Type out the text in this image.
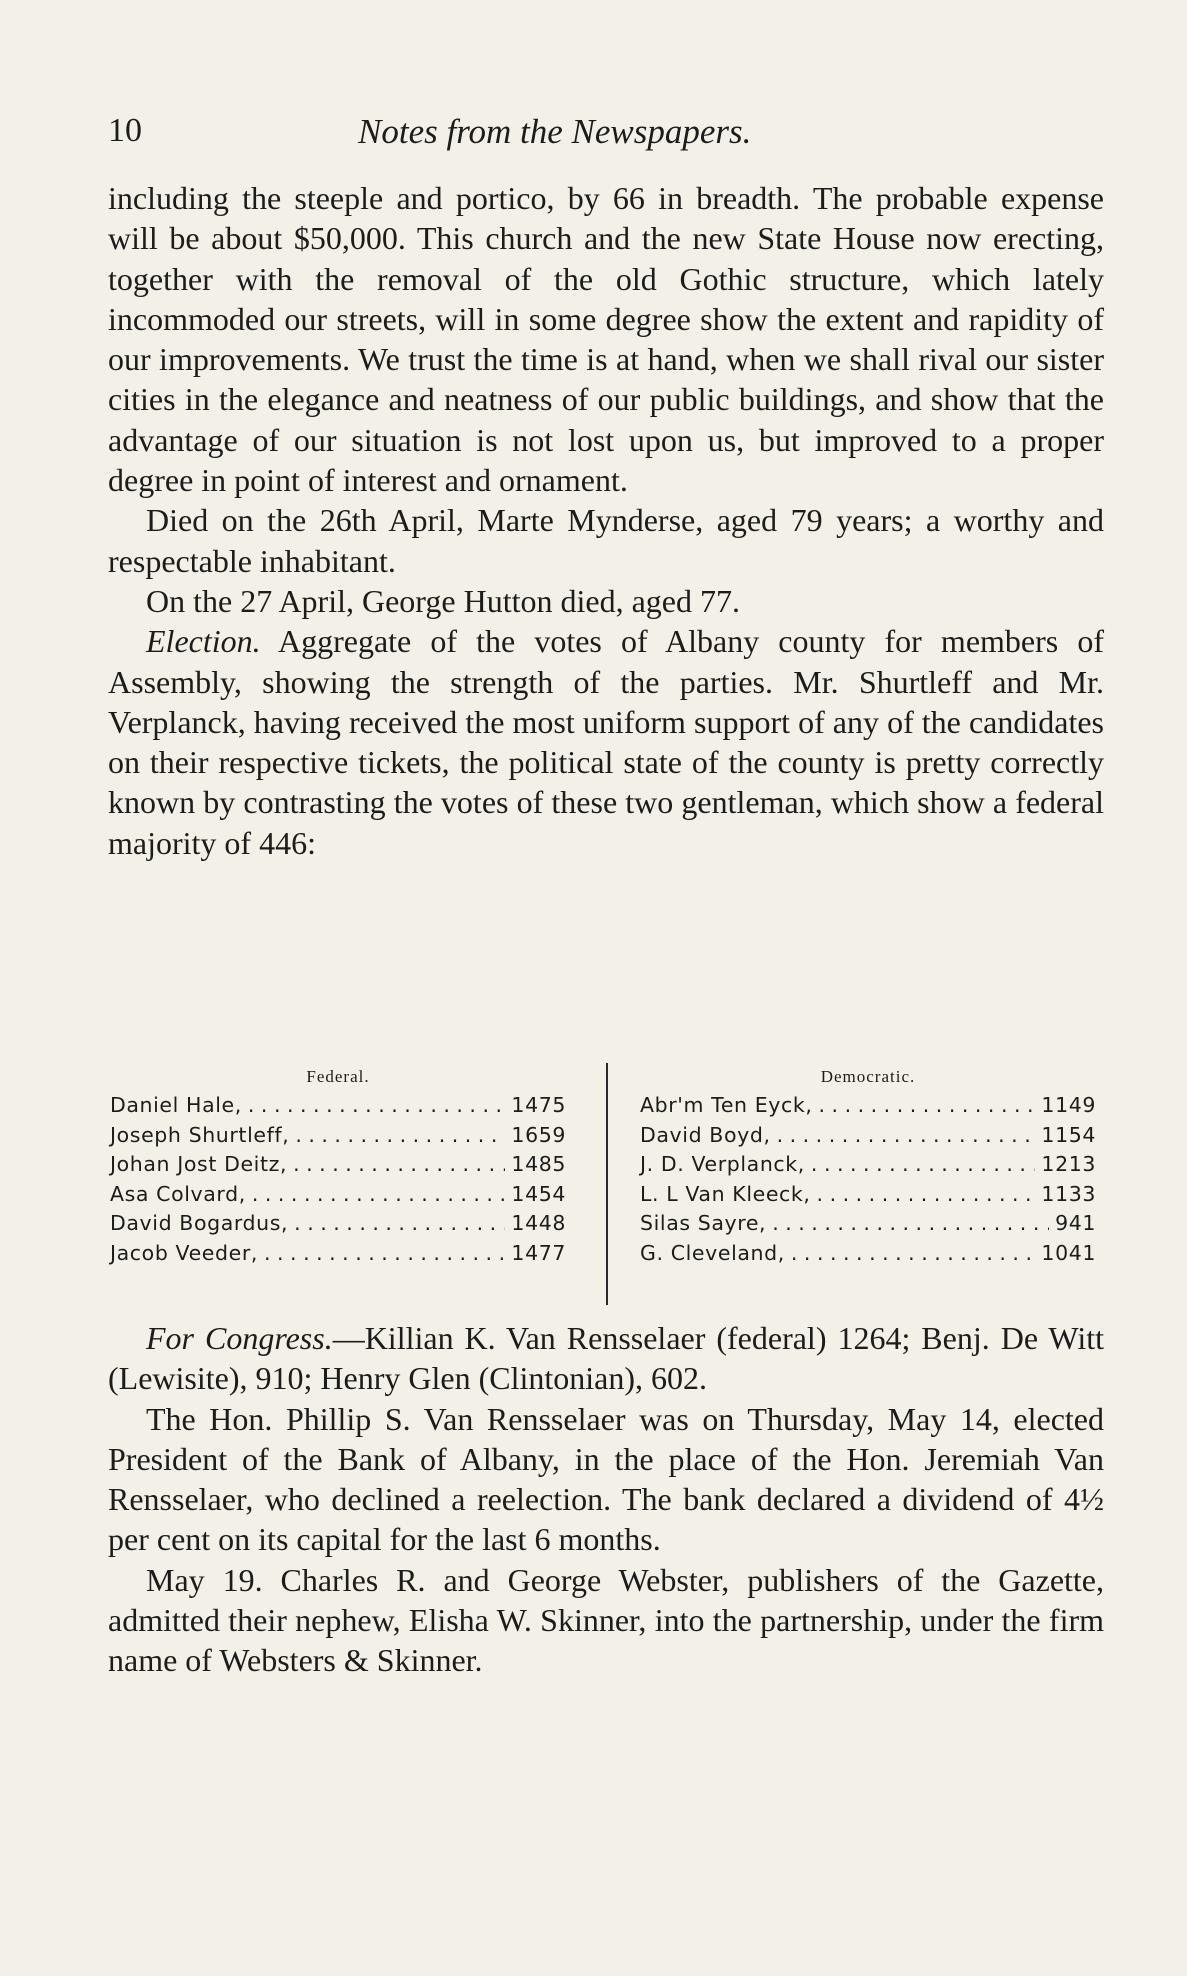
10	Notes from the Newspapers.

including the steeple and portico, by 66 in breadth. The probable expense will be about $50,000. This church and the new State House now erecting, together with the removal of the old Gothic structure, which lately incommoded our streets, will in some degree show the extent and rapidity of our improvements. We trust the time is at hand, when we shall rival our sister cities in the elegance and neatness of our public buildings, and show that the advantage of our situation is not lost upon us, but improved to a proper degree in point of interest and ornament.

Died on the 26th April, Marte Mynderse, aged 79 years; a worthy and respectable inhabitant.

On the 27 April, George Hutton died, aged 77.

Election. Aggregate of the votes of Albany county for members of Assembly, showing the strength of the parties. Mr. Shurtleff and Mr. Verplanck, having received the most uniform support of any of the candidates on their respective tickets, the political state of the county is pretty correctly known by contrasting the votes of these two gentleman, which show a federal majority of 446:

Federal.
Daniel Hale, . . .	1475
Joseph Shurtleff, . . .	1659
Johan Jost Deitz, . . .	1485
Asa Colvard, . . .	1454
David Bogardus, . . .	1448
Jacob Veeder, . . .	1477
Democratic.
Abr'm Ten Eyck, . . .	1149
David Boyd, . . .	1154
J. D. Verplanck, . . .	1213
L. L Van Kleeck, . . .	1133
Silas Sayre, . . .	941
G. Cleveland, . . .	1041

For Congress.—Killian K. Van Rensselaer (federal) 1264; Benj. De Witt (Lewisite), 910; Henry Glen (Clintonian), 602.

The Hon. Phillip S. Van Rensselaer was on Thursday, May 14, elected President of the Bank of Albany, in the place of the Hon. Jeremiah Van Rensselaer, who declined a reelection. The bank declared a dividend of 4½ per cent on its capital for the last 6 months.

May 19. Charles R. and George Webster, publishers of the Gazette, admitted their nephew, Elisha W. Skinner, into the partnership, under the firm name of Websters & Skinner.
